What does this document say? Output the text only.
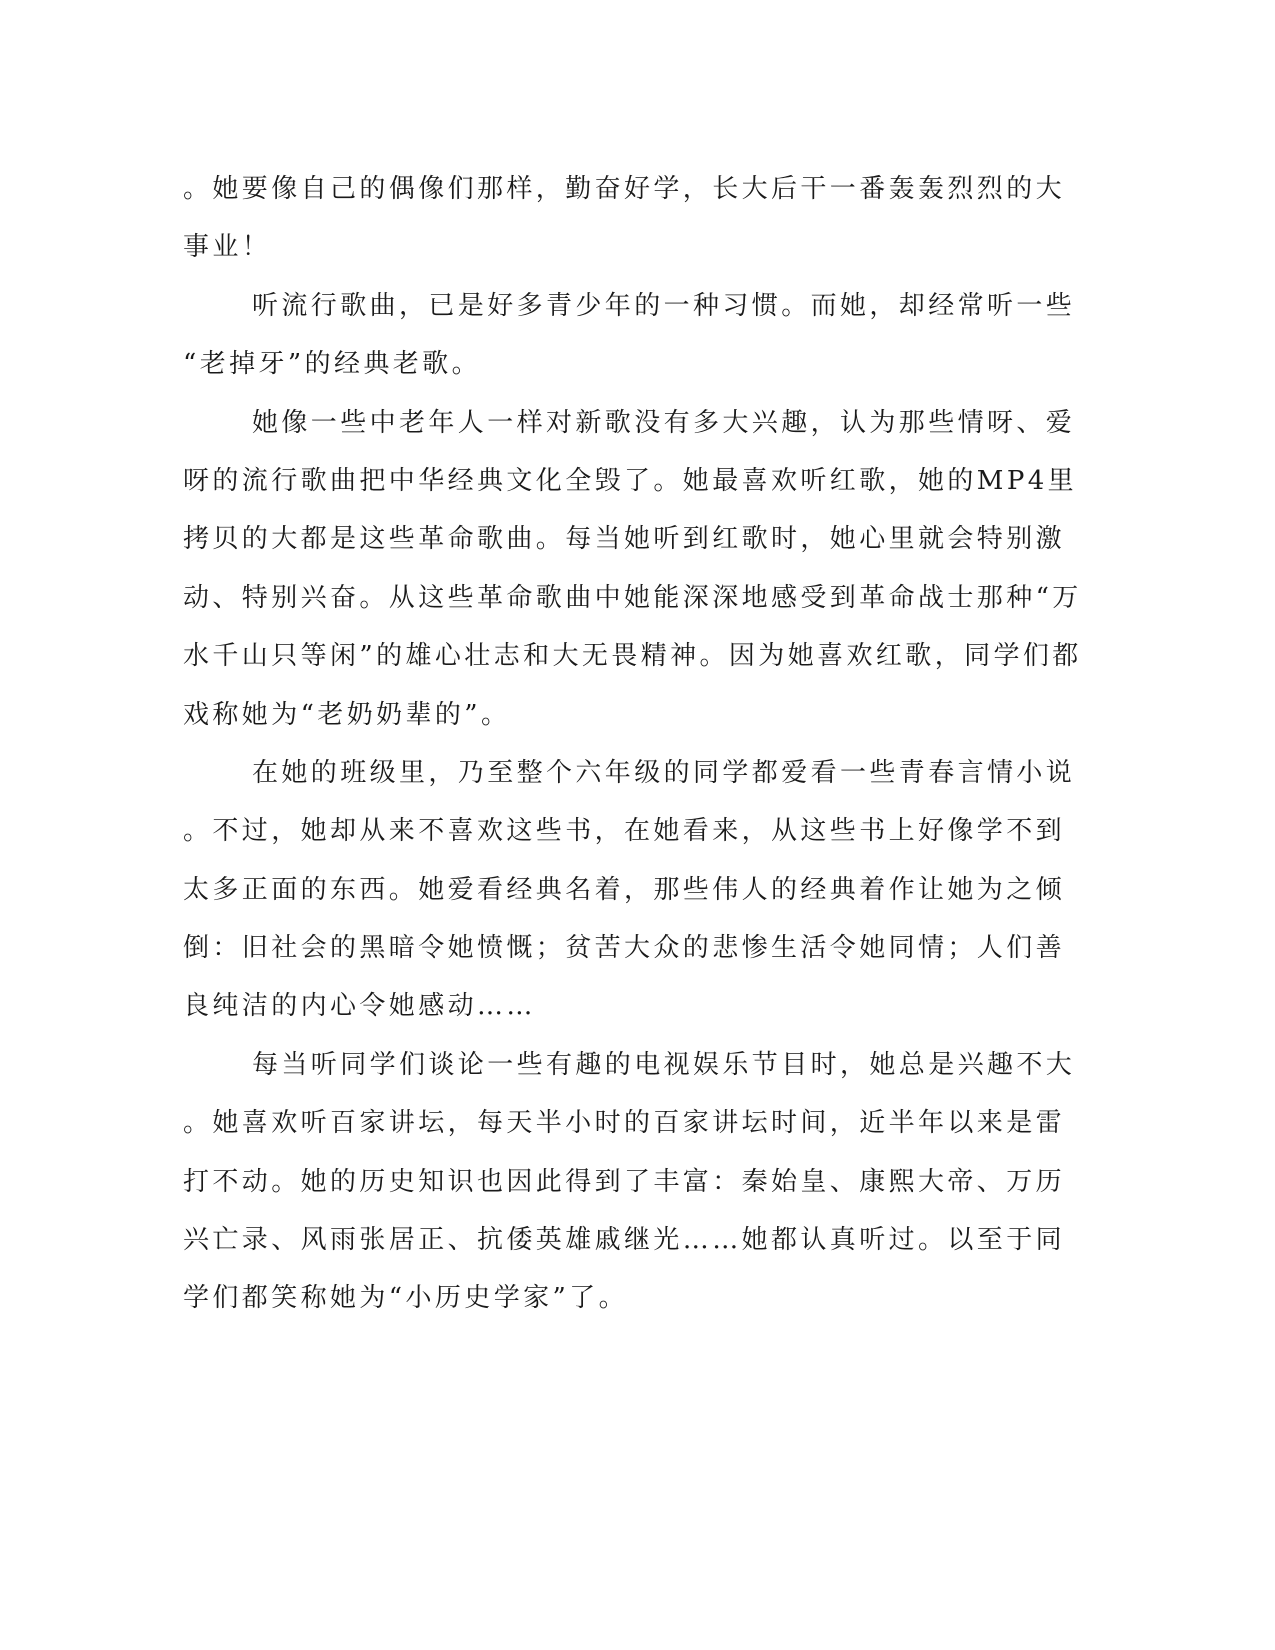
。她要像自己的偶像们那样，勤奋好学，长大后干一番轰轰烈烈的大
事业！
听流行歌曲，已是好多青少年的一种习惯。而她，却经常听一些
“老掉牙”的经典老歌。
她像一些中老年人一样对新歌没有多大兴趣，认为那些情呀、爱
呀的流行歌曲把中华经典文化全毁了。她最喜欢听红歌，她的MP4里
拷贝的大都是这些革命歌曲。每当她听到红歌时，她心里就会特别激
动、特别兴奋。从这些革命歌曲中她能深深地感受到革命战士那种“万
水千山只等闲”的雄心壮志和大无畏精神。因为她喜欢红歌，同学们都
戏称她为“老奶奶辈的”。
在她的班级里，乃至整个六年级的同学都爱看一些青春言情小说
。不过，她却从来不喜欢这些书，在她看来，从这些书上好像学不到
太多正面的东西。她爱看经典名着，那些伟人的经典着作让她为之倾
倒：旧社会的黑暗令她愤慨；贫苦大众的悲惨生活令她同情；人们善
良纯洁的内心令她感动……
每当听同学们谈论一些有趣的电视娱乐节目时，她总是兴趣不大
。她喜欢听百家讲坛，每天半小时的百家讲坛时间，近半年以来是雷
打不动。她的历史知识也因此得到了丰富：秦始皇、康熙大帝、万历
兴亡录、风雨张居正、抗倭英雄戚继光……她都认真听过。以至于同
学们都笑称她为“小历史学家”了。
